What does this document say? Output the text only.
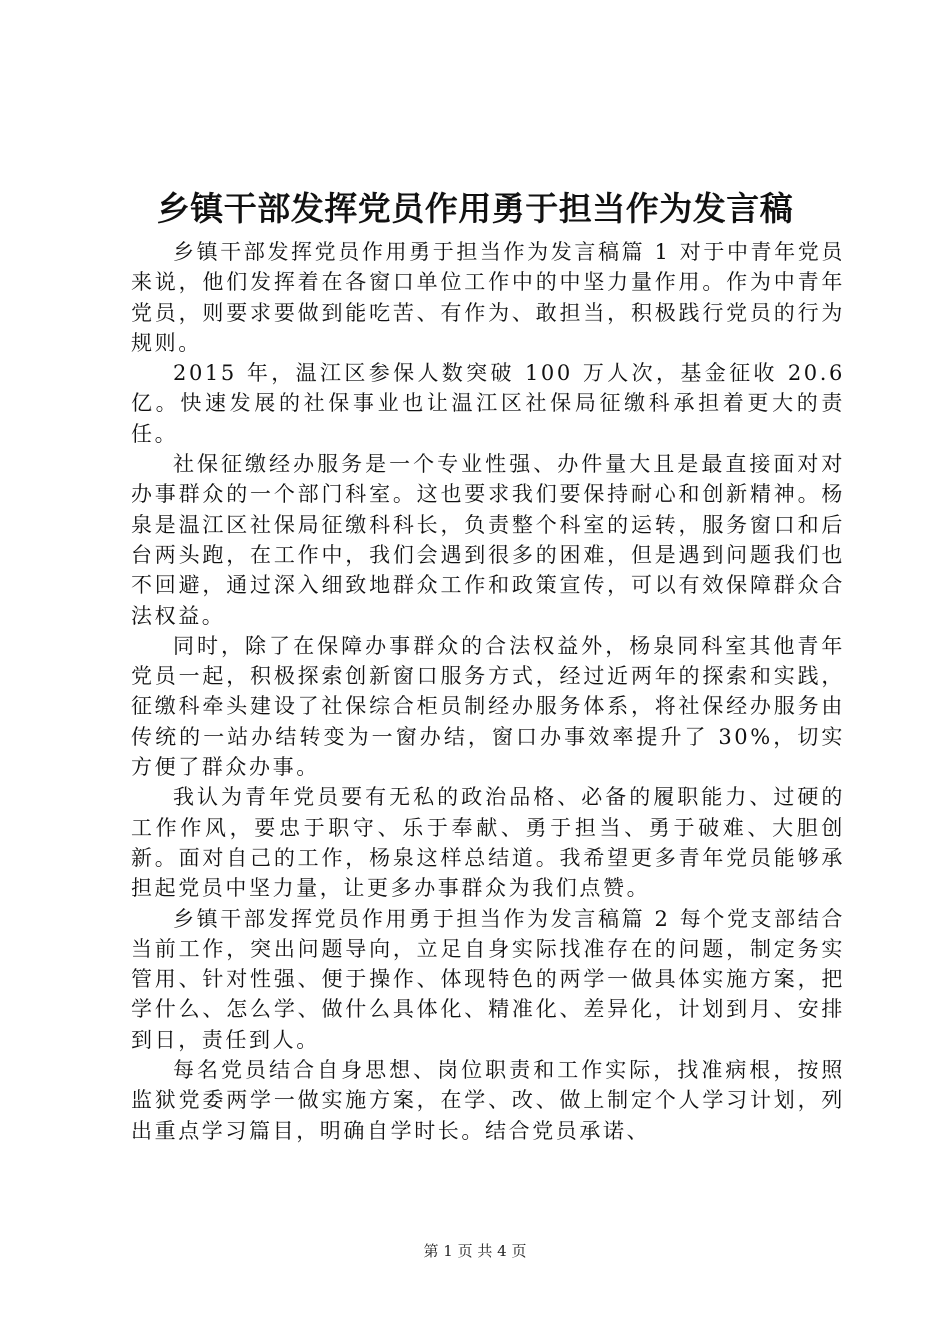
乡镇干部发挥党员作用勇于担当作为发言稿

乡镇干部发挥党员作用勇于担当作为发言稿篇 1 对于中青年党员来说，他们发挥着在各窗口单位工作中的中坚力量作用。作为中青年党员，则要求要做到能吃苦、有作为、敢担当，积极践行党员的行为规则。

2015 年，温江区参保人数突破 100 万人次，基金征收 20.6 亿。快速发展的社保事业也让温江区社保局征缴科承担着更大的责任。

社保征缴经办服务是一个专业性强、办件量大且是最直接面对对办事群众的一个部门科室。这也要求我们要保持耐心和创新精神。杨泉是温江区社保局征缴科科长，负责整个科室的运转，服务窗口和后台两头跑，在工作中，我们会遇到很多的困难，但是遇到问题我们也不回避，通过深入细致地群众工作和政策宣传，可以有效保障群众合法权益。

同时，除了在保障办事群众的合法权益外，杨泉同科室其他青年党员一起，积极探索创新窗口服务方式，经过近两年的探索和实践，征缴科牵头建设了社保综合柜员制经办服务体系，将社保经办服务由传统的一站办结转变为一窗办结，窗口办事效率提升了 30%，切实方便了群众办事。

我认为青年党员要有无私的政治品格、必备的履职能力、过硬的工作作风，要忠于职守、乐于奉献、勇于担当、勇于破难、大胆创新。面对自己的工作，杨泉这样总结道。我希望更多青年党员能够承担起党员中坚力量，让更多办事群众为我们点赞。

乡镇干部发挥党员作用勇于担当作为发言稿篇 2 每个党支部结合当前工作，突出问题导向，立足自身实际找准存在的问题，制定务实管用、针对性强、便于操作、体现特色的两学一做具体实施方案，把学什么、怎么学、做什么具体化、精准化、差异化，计划到月、安排到日，责任到人。

每名党员结合自身思想、岗位职责和工作实际，找准病根，按照监狱党委两学一做实施方案，在学、改、做上制定个人学习计划，列出重点学习篇目，明确自学时长。结合党员承诺、

第 1 页 共 4 页
